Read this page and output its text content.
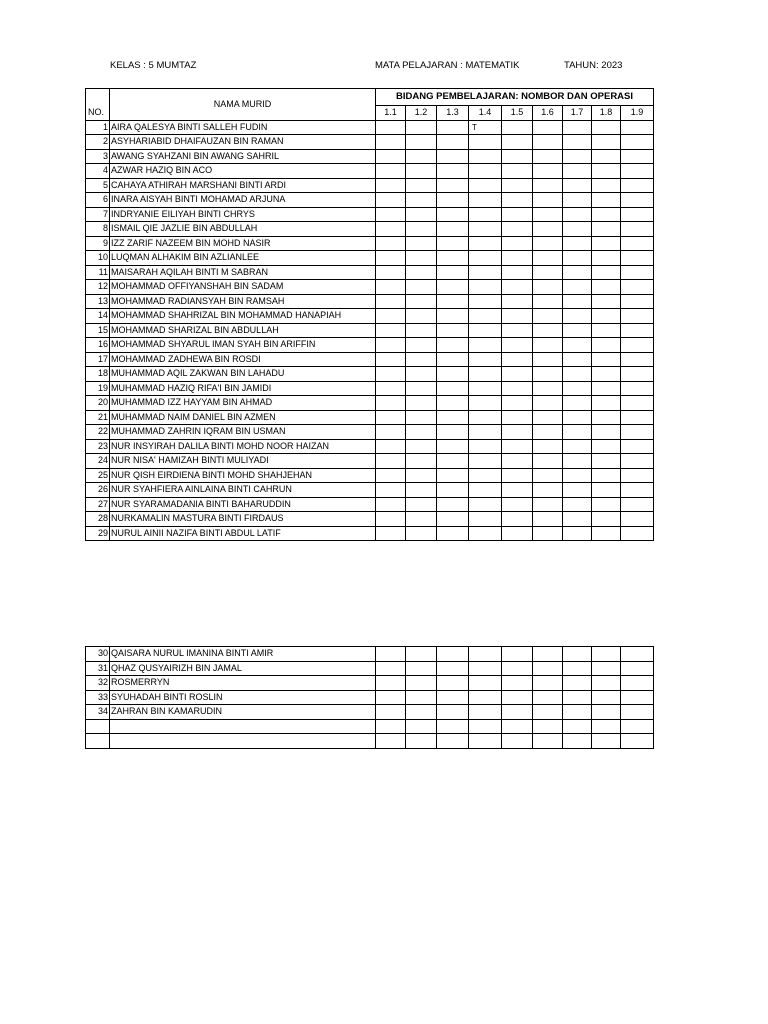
KELAS : 5 MUMTAZ	MATA PELAJARAN : MATEMATIK	TAHUN: 2023
	NAMA MURID	BIDANG PEMBELAJARAN: NOMBOR DAN OPERASI								
NO.		1.1	1.2	1.3	1.4	1.5	1.6	1.7	1.8	1.9
1	AIRA QALESYA BINTI SALLEH FUDIN				T					
2	ASYHARIABID DHAIFAUZAN BIN RAMAN									
3	AWANG SYAHZANI BIN AWANG SAHRIL									
4	AZWAR HAZIQ BIN ACO									
5	CAHAYA ATHIRAH MARSHANI BINTI ARDI									
6	INARA AISYAH BINTI MOHAMAD ARJUNA									
7	INDRYANIE EILIYAH BINTI CHRYS									
8	ISMAIL QIE JAZLIE BIN ABDULLAH									
9	IZZ ZARIF NAZEEM BIN MOHD NASIR									
10	LUQMAN ALHAKIM BIN AZLIANLEE									
11	MAISARAH AQILAH BINTI M SABRAN									
12	MOHAMMAD OFFIYANSHAH BIN SADAM									
13	MOHAMMAD RADIANSYAH BIN RAMSAH									
14	MOHAMMAD SHAHRIZAL BIN MOHAMMAD HANAPIAH									
15	MOHAMMAD SHARIZAL BIN ABDULLAH									
16	MOHAMMAD SHYARUL IMAN SYAH BIN ARIFFIN									
17	MOHAMMAD ZADHEWA BIN ROSDI									
18	MUHAMMAD AQIL ZAKWAN BIN LAHADU									
19	MUHAMMAD HAZIQ RIFA'I BIN JAMIDI									
20	MUHAMMAD IZZ HAYYAM BIN AHMAD									
21	MUHAMMAD NAIM DANIEL BIN AZMEN									
22	MUHAMMAD ZAHRIN IQRAM BIN USMAN									
23	NUR INSYIRAH DALILA BINTI MOHD NOOR HAIZAN									
24	NUR NISA' HAMIZAH BINTI MULIYADI									
25	NUR QISH EIRDIENA BINTI MOHD SHAHJEHAN									
26	NUR SYAHFIERA AINLAINA BINTI CAHRUN									
27	NUR SYARAMADANIA BINTI BAHARUDDIN									
28	NURKAMALIN MASTURA BINTI FIRDAUS									
29	NURUL AINII NAZIFA BINTI ABDUL LATIF									
30	QAISARA NURUL IMANINA BINTI AMIR									
31	QHAZ QUSYAIRIZH BIN JAMAL									
32	ROSMERRYN									
33	SYUHADAH BINTI ROSLIN									
34	ZAHRAN BIN KAMARUDIN									
